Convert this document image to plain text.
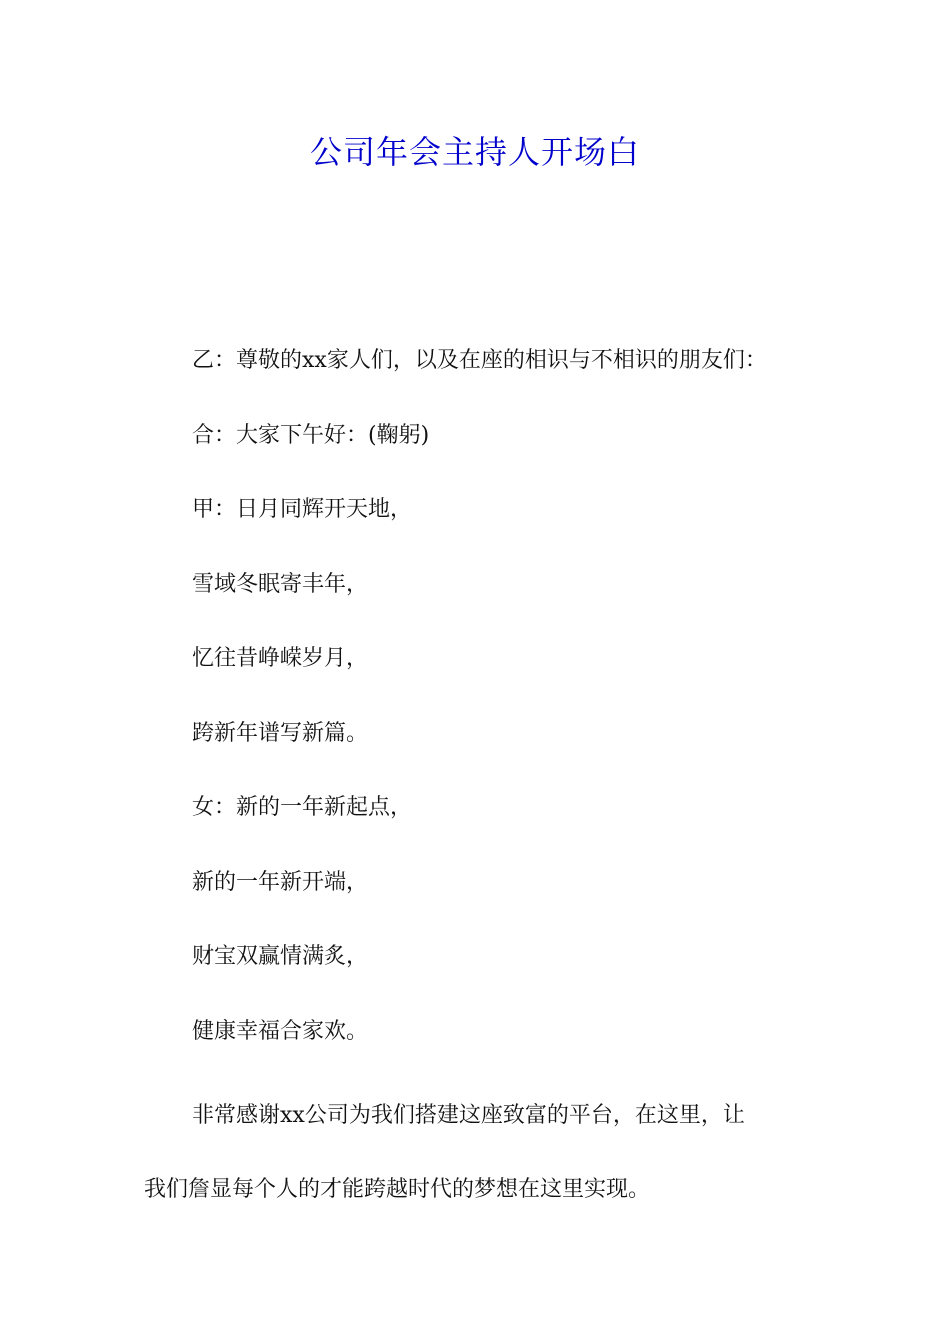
公司年会主持人开场白
乙：尊敬的xx家人们，以及在座的相识与不相识的朋友们：
合：大家下午好：(鞠躬)
甲：日月同辉开天地，
雪域冬眠寄丰年，
忆往昔峥嵘岁月，
跨新年谱写新篇。
女：新的一年新起点，
新的一年新开端，
财宝双赢情满炙，
健康幸福合家欢。
非常感谢xx公司为我们搭建这座致富的平台，在这里，让
我们詹显每个人的才能跨越时代的梦想在这里实现。
